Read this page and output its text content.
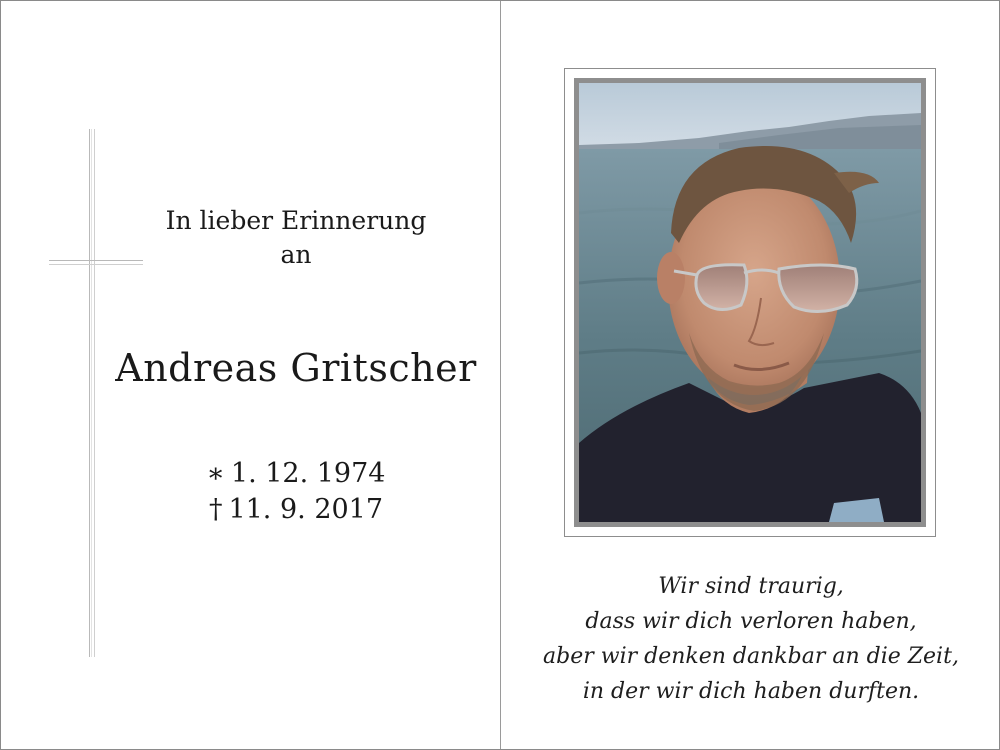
In lieber Erinnerung
an
Andreas Gritscher
∗ 1. 12. 1974
† 11. 9. 2017
Wir sind traurig,
dass wir dich verloren haben,
aber wir denken dankbar an die Zeit,
in der wir dich haben durften.
